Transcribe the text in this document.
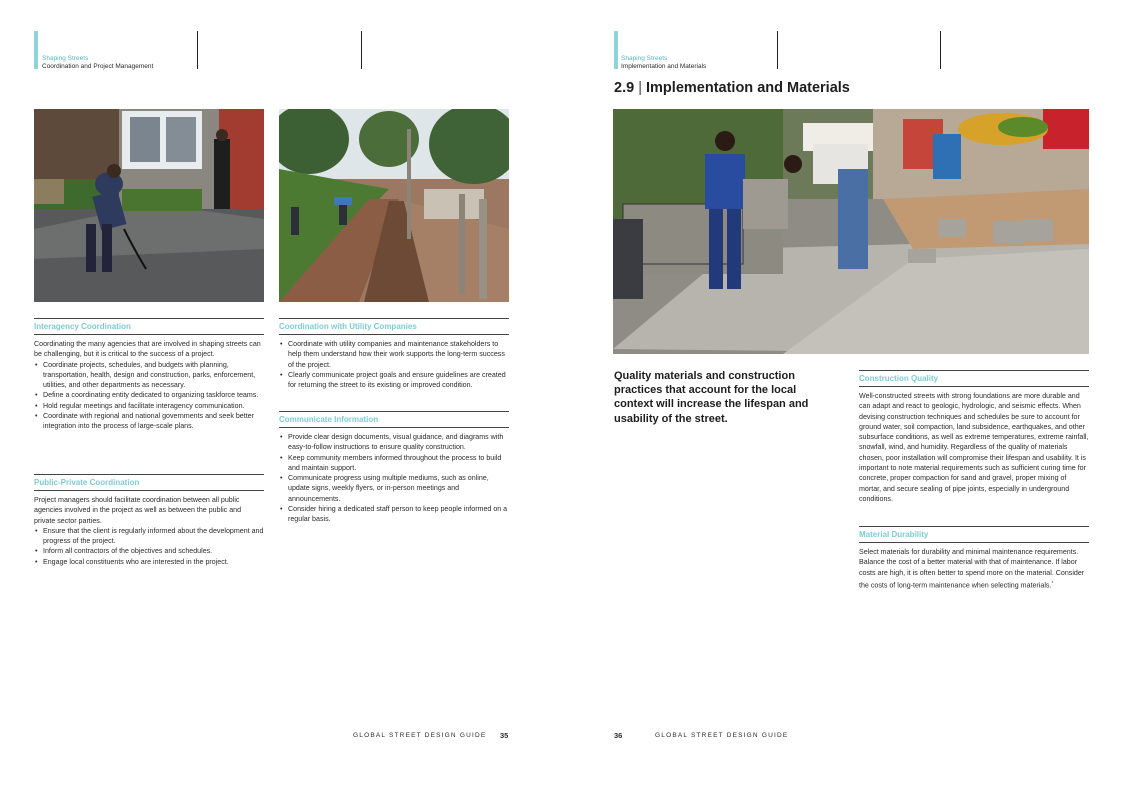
Shaping Streets
Coordination and Project Management
Interagency Coordination

Coordinating the many agencies that are involved in shaping streets can be challenging, but it is critical to the success of a project.

• Coordinate projects, schedules, and budgets with planning, transportation, health, design and construction, parks, enforcement, utilities, and other departments as necessary.
• Define a coordinating entity dedicated to organizing taskforce teams.
• Hold regular meetings and facilitate interagency communication.
• Coordinate with regional and national governments and seek better integration into the process of large-scale plans.
Public-Private Coordination

Project managers should facilitate coordination between all public agencies involved in the project as well as between the public and private sector parties.

• Ensure that the client is regularly informed about the development and progress of the project.
• Inform all contractors of the objectives and schedules.
• Engage local constituents who are interested in the project.
Coordination with Utility Companies
• Coordinate with utility companies and maintenance stakeholders to help them understand how their work supports the long-term success of the project.
• Clearly communicate project goals and ensure guidelines are created for returning the street to its existing or improved condition.
Communicate Information
• Provide clear design documents, visual guidance, and diagrams with easy-to-follow instructions to ensure quality construction.
• Keep community members informed throughout the process to build and maintain support.
• Communicate progress using multiple mediums, such as online, update signs, weekly flyers, or in-person meetings and announcements.
• Consider hiring a dedicated staff person to keep people informed on a regular basis.
GLOBAL STREET DESIGN GUIDE 35
Shaping Streets
Implementation and Materials
2.9 | Implementation and Materials
Quality materials and construction practices that account for the local context will increase the lifespan and usability of the street.
Construction Quality

Well-constructed streets with strong foundations are more durable and can adapt and react to geologic, hydrologic, and seismic effects. When devising construction techniques and schedules be sure to account for ground water, soil compaction, land subsidence, earthquakes, and other subsurface conditions, as well as extreme temperatures, extreme rainfall, snowfall, wind, and humidity. Regardless of the quality of materials chosen, poor installation will compromise their lifespan and usability. It is important to note material requirements such as sufficient curing time for concrete, proper compaction for sand and gravel, proper mixing of mortar, and secure sealing of pipe joints, especially in underground conditions.

Material Durability

Select materials for durability and minimal maintenance requirements. Balance the cost of a better material with that of maintenance. If labor costs are high, it is often better to spend more on the material. Consider the costs of long-term maintenance when selecting materials.$^{^4}$

36	GLOBAL STREET DESIGN GUIDE
